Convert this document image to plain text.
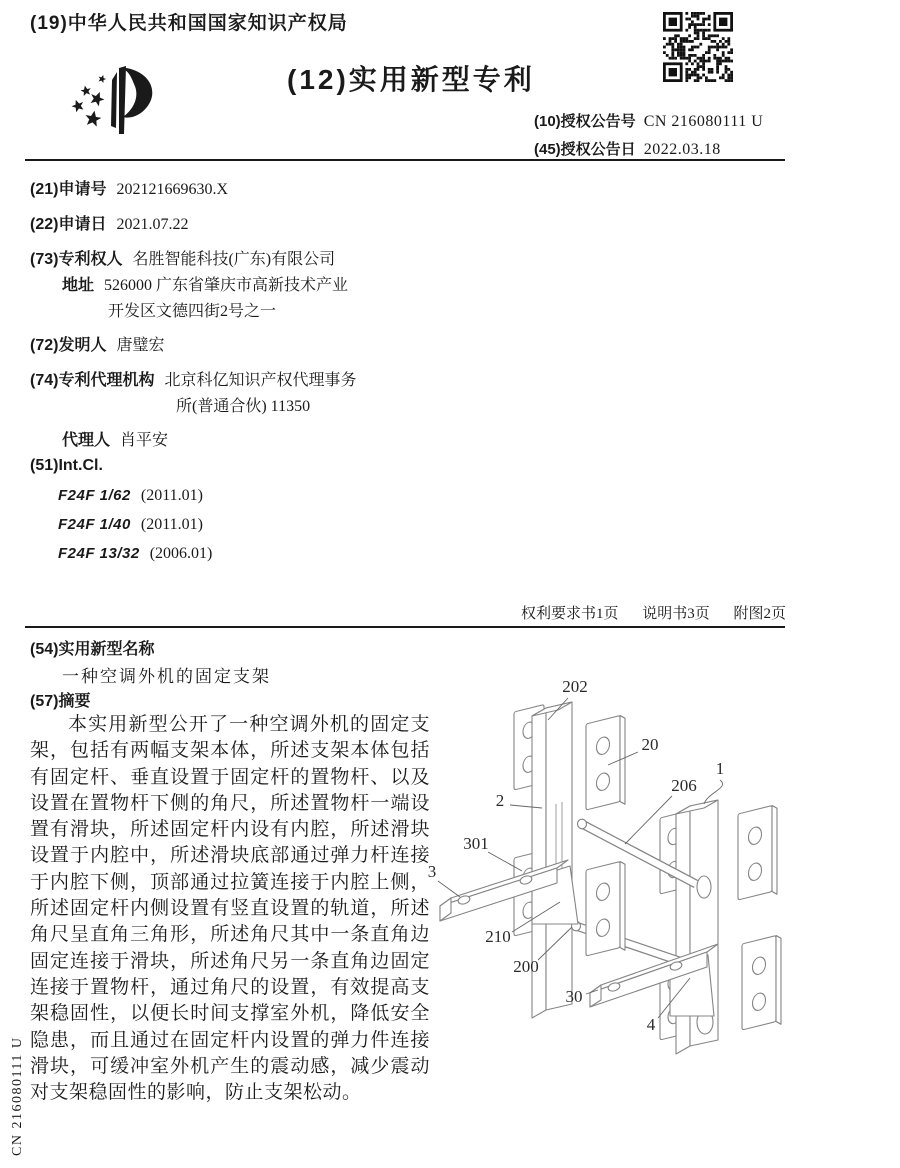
(19)中华人民共和国国家知识产权局
(12)实用新型专利
(10)授权公告号 CN 216080111 U
(45)授权公告日 2022.03.18
(21)申请号 202121669630.X
(22)申请日 2021.07.22
(73)专利权人 名胜智能科技(广东)有限公司
地址 526000 广东省肇庆市高新技术产业
开发区文德四街2号之一
(72)发明人 唐璧宏
(74)专利代理机构 北京科亿知识产权代理事务
所(普通合伙) 11350
代理人 肖平安
(51)Int.Cl.
F24F 1/62 (2011.01)
F24F 1/40 (2011.01)
F24F 13/32 (2006.01)
权利要求书1页 说明书3页 附图2页
(54)实用新型名称
一种空调外机的固定支架
(57)摘要

本实用新型公开了一种空调外机的固定支架，包括有两幅支架本体，所述支架本体包括有固定杆、垂直设置于固定杆的置物杆、以及设置在置物杆下侧的角尺，所述置物杆一端设置有滑块，所述固定杆内设有内腔，所述滑块设置于内腔中，所述滑块底部通过弹力杆连接于内腔下侧，顶部通过拉簧连接于内腔上侧，所述固定杆内侧设置有竖直设置的轨道，所述角尺呈直角三角形，所述角尺其中一条直角边固定连接于滑块，所述角尺另一条直角边固定连接于置物杆，通过角尺的设置，有效提高支架稳固性，以便长时间支撑室外机，降低安全隐患，而且通过在固定杆内设置的弹力件连接滑块，可缓冲室外机产生的震动感，减少震动对支架稳固性的影响，防止支架松动。

202
20
2
206
1
301
3
210
200
30
4
CN 216080111 U
